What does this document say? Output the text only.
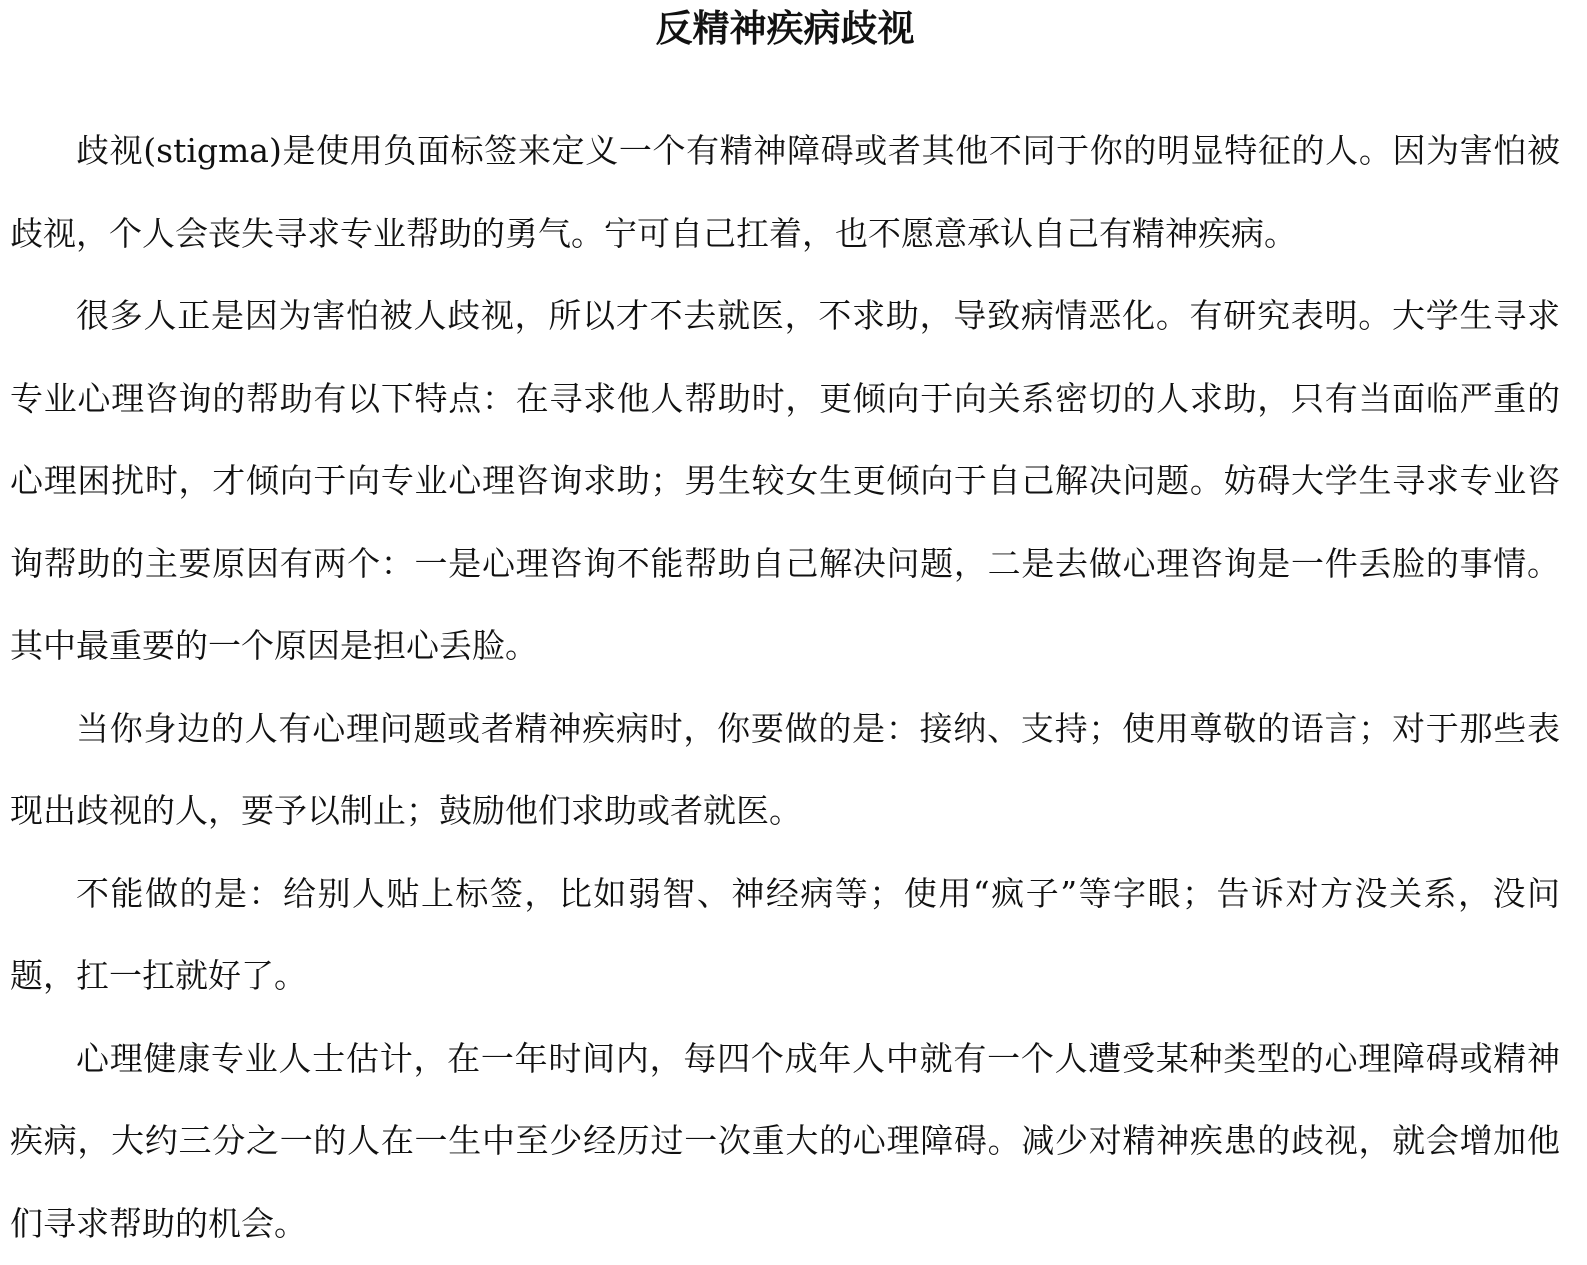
反精神疾病歧视

歧视(stigma)是使用负面标签来定义一个有精神障碍或者其他不同于你的明显特征的人。因为害怕被歧视，个人会丧失寻求专业帮助的勇气。宁可自己扛着，也不愿意承认自己有精神疾病。

很多人正是因为害怕被人歧视，所以才不去就医，不求助，导致病情恶化。有研究表明。大学生寻求专业心理咨询的帮助有以下特点：在寻求他人帮助时，更倾向于向关系密切的人求助，只有当面临严重的心理困扰时，才倾向于向专业心理咨询求助；男生较女生更倾向于自己解决问题。妨碍大学生寻求专业咨询帮助的主要原因有两个：一是心理咨询不能帮助自己解决问题，二是去做心理咨询是一件丢脸的事情。其中最重要的一个原因是担心丢脸。

当你身边的人有心理问题或者精神疾病时，你要做的是：接纳、支持；使用尊敬的语言；对于那些表现出歧视的人，要予以制止；鼓励他们求助或者就医。

不能做的是：给别人贴上标签，比如弱智、神经病等；使用“疯子”等字眼；告诉对方没关系，没问题，扛一扛就好了。

心理健康专业人士估计，在一年时间内，每四个成年人中就有一个人遭受某种类型的心理障碍或精神疾病，大约三分之一的人在一生中至少经历过一次重大的心理障碍。减少对精神疾患的歧视，就会增加他们寻求帮助的机会。
